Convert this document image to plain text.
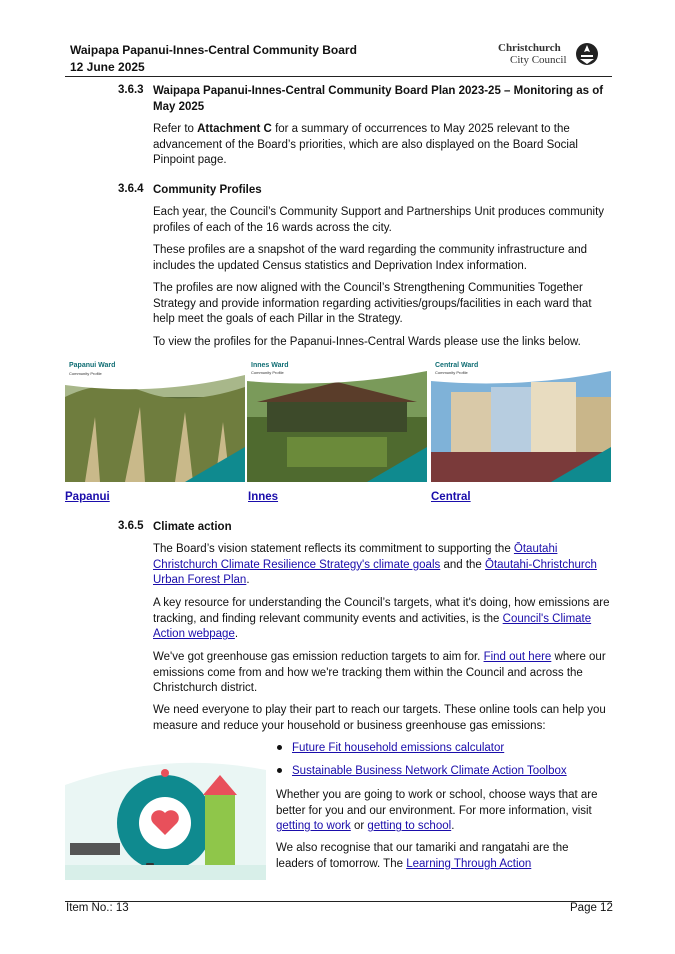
Waipapa Papanui-Innes-Central Community Board
12 June 2025
Christchurch
City Council
3.6.3 Waipapa Papanui-Innes-Central Community Board Plan 2023-25 – Monitoring as of May 2025
Refer to Attachment C for a summary of occurrences to May 2025 relevant to the advancement of the Board’s priorities, which are also displayed on the Board Social Pinpoint page.
3.6.4 Community Profiles
Each year, the Council’s Community Support and Partnerships Unit produces community profiles of each of the 16 wards across the city.
These profiles are a snapshot of the ward regarding the community infrastructure and includes the updated Census statistics and Deprivation Index information.
The profiles are now aligned with the Council’s Strengthening Communities Together Strategy and provide information regarding activities/groups/facilities in each ward that help meet the goals of each Pillar in the Strategy.
To view the profiles for the Papanui-Innes-Central Wards please use the links below.
Papanui Ward
Community Profile
Innes Ward
Community Profile
Central Ward
Community Profile
Papanui	Innes	Central
3.6.5 Climate action
The Board’s vision statement reflects its commitment to supporting the Ōtautahi Christchurch Climate Resilience Strategy's climate goals and the Ōtautahi-Christchurch Urban Forest Plan.
A key resource for understanding the Council’s targets, what it's doing, how emissions are tracking, and finding relevant community events and activities, is the Council's Climate Action webpage.
We've got greenhouse gas emission reduction targets to aim for. Find out here where our emissions come from and how we're tracking them within the Council and across the Christchurch district.
We need everyone to play their part to reach our targets. These online tools can help you measure and reduce your household or business greenhouse gas emissions:
Future Fit household emissions calculator
Sustainable Business Network Climate Action Toolbox
Whether you are going to work or school, choose ways that are better for you and our environment. For more information, visit getting to work or getting to school.
We also recognise that our tamariki and rangatahi are the leaders of tomorrow. The Learning Through Action
Item No.: 13	Page 12
